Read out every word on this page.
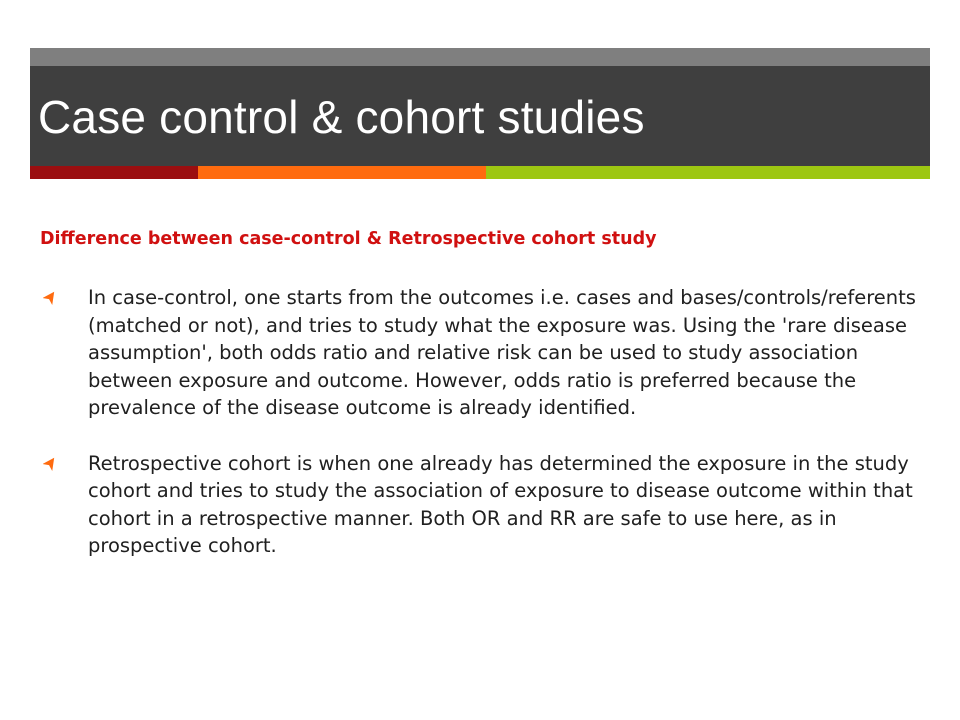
Case control & cohort studies
Difference between case-control & Retrospective cohort study
In case-control, one starts from the outcomes i.e. cases and bases/controls/referents (matched or not), and tries to study what the exposure was. Using the 'rare disease assumption', both odds ratio and relative risk can be used to study association between exposure and outcome. However, odds ratio is preferred because the prevalence of the disease outcome is already identified.
Retrospective cohort is when one already has determined the exposure in the study cohort and tries to study the association of exposure to disease outcome within that cohort in a retrospective manner. Both OR and RR are safe to use here, as in prospective cohort.
